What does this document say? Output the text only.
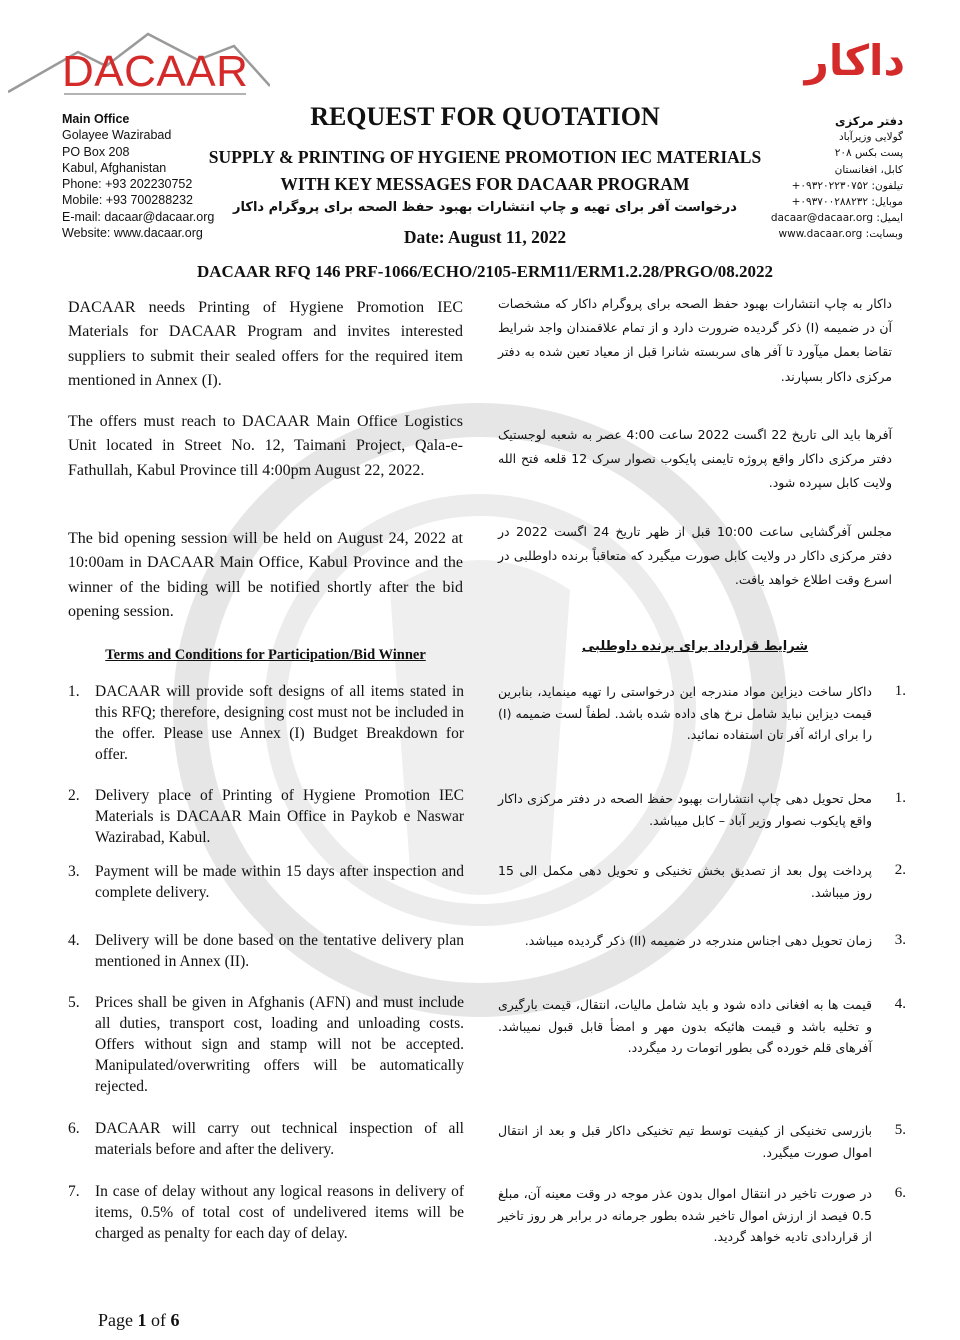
DACAAR	داکار
Main Office
Golayee Wazirabad
PO Box 208
Kabul, Afghanistan
Phone: +93 202230752
Mobile: +93 700288232
E-mail: dacaar@dacaar.org
Website: www.dacaar.org
دفتر مرکزی
گولایی وزیرآباد
پست بکس ۲۰۸
کابل، افغانستان
تیلفون: ۰۹۳۲۰۲۲۳۰۷۵۲+
موبایل: ۰۹۳۷۰۰۲۸۸۲۳۲+
ایمیل: dacaar@dacaar.org
وبسایت: www.dacaar.org
REQUEST FOR QUOTATION
SUPPLY & PRINTING OF HYGIENE PROMOTION IEC MATERIALS
WITH KEY MESSAGES FOR DACAAR PROGRAM
درخواست آفر برای تهیه و چاپ انتشارات بهبود حفظ الصحه برای پروگرام داکار
Date: August 11, 2022
DACAAR RFQ 146 PRF-1066/ECHO/2105-ERM11/ERM1.2.28/PRGO/08.2022
DACAAR needs Printing of Hygiene Promotion IEC Materials for DACAAR Program and invites interested suppliers to submit their sealed offers for the required item mentioned in Annex (I).
The offers must reach to DACAAR Main Office Logistics Unit located in Street No. 12, Taimani Project, Qala-e-Fathullah, Kabul Province till 4:00pm August 22, 2022.
The bid opening session will be held on August 24, 2022 at 10:00am in DACAAR Main Office, Kabul Province and the winner of the biding will be notified shortly after the bid opening session.
داکار به چاپ انتشارات بهبود حفظ الصحه برای پروگرام داکار که مشخصات آن در ضمیمه (I) ذکر گردیده ضرورت دارد و از تمام علاقمندان واجد شرایط تقاضا بعمل میآورد تا آفر های سربسته شانرا قبل از معیاد تعین شده به دفتر مرکزی داکار بسپارند.
آفرها باید الی تاریخ 22 اگست 2022 ساعت 4:00 عصر به شعبه لوجستیک دفتر مرکزی داکار واقع پروژه تایمنی پایکوب نصوار سرک 12 قلعه فتح الله ولایت کابل سپرده شود.
مجلس آفرگشایی ساعت 10:00 قبل از ظهر تاریخ 24 اگست 2022 در دفتر مرکزی داکار در ولایت کابل صورت میگیرد که متعاقباً برنده داوطلبی در اسرع وقت اطلاع خواهد یافت.
Terms and Conditions for Participation/Bid Winner
شرایط قرارداد برای برنده داوطلبی
1. DACAAR will provide soft designs of all items stated in this RFQ; therefore, designing cost must not be included in the offer. Please use Annex (I) Budget Breakdown for offer.
2. Delivery place of Printing of Hygiene Promotion IEC Materials is DACAAR Main Office in Paykob e Naswar Wazirabad, Kabul.
3. Payment will be made within 15 days after inspection and complete delivery.
4. Delivery will be done based on the tentative delivery plan mentioned in Annex (II).
5. Prices shall be given in Afghanis (AFN) and must include all duties, transport cost, loading and unloading costs. Offers without sign and stamp will not be accepted. Manipulated/overwriting offers will be automatically rejected.
6. DACAAR will carry out technical inspection of all materials before and after the delivery.
7. In case of delay without any logical reasons in delivery of items, 0.5% of total cost of undelivered items will be charged as penalty for each day of delay.
.1
داکار ساخت دیزاین مواد مندرجه این درخواستی را تهیه مینماید، بنابرین قیمت دیزاین نباید شامل نرخ های داده شده باشد. لطفاً لست ضمیمه (I) را برای ارائه آفر تان استفاده نمائید.
.1
محل تحویل دهی چاپ انتشارات بهبود حفظ الصحه در دفتر مرکزی داکار واقع پایکوب نصوار وزیر آباد – کابل میباشد.
.2
پرداخت پول بعد از تصدیق بخش تخنیکی و تحویل دهی مکمل الی 15 روز میباشد.
.3
زمان تحویل دهی اجناس مندرجه در ضمیمه (II) ذکر گردیده میباشد.
.4
قیمت ها به افغانی داده شود و باید شامل مالیات، انتقال، قیمت بارگیری و تخلیه باشد و قیمت هائیکه بدون مهر و امضأ قابل قبول نمیباشد. آفرهای قلم خورده گی بطور اتومات رد میگردد.
.5
بازرسی تخنیکی از کیفیت توسط تیم تخنیکی داکار قبل و بعد از انتقال اموال صورت میگیرد.
.6
در صورت تاخیر در انتقال اموال بدون عذر موجه در وقت معینه آن، مبلغ 0.5 فیصد از ارزش اموال تاخیر شده بطور جرمانه در برابر هر روز تاخیر از قراردادی تادیه خواهد گردید.
Page 1 of 6
